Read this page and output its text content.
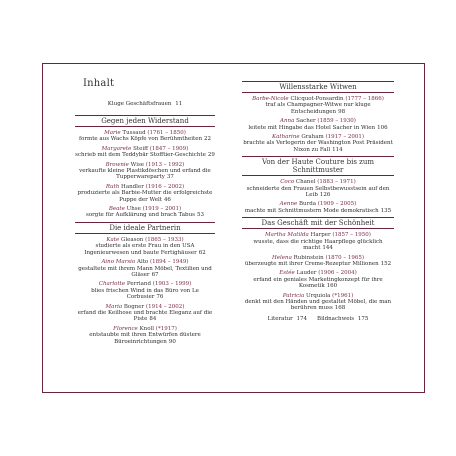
Inhalt
Kluge Geschäftsfrauen 11
Gegen jeden Widerstand
Marie Tussaud (1761 – 1850)
formte aus Wachs Köpfe von Berühmtheiten 22
Margarete Steiff (1847 – 1909)
schrieb mit dem Teddybär Stofftier-Geschichte 29
Brownie Wise (1913 – 1992)
verkaufte kleine Plastikdöschen und erfand die Tupperwareparty 37
Ruth Handler (1916 – 2002)
produzierte als Barbie-Mutter die erfolgreichste Puppe der Welt 46
Beate Uhse (1919 – 2001)
sorgte für Aufklärung und brach Tabus 53
Die ideale Partnerin
Kate Gleason (1865 – 1933)
studierte als erste Frau in den USA Ingenieurwesen und baute Fertighäuser 62
Aino Marsio Alto (1894 – 1949)
gestaltete mit ihrem Mann Möbel, Textilien und Gläser 67
Charlotte Perriand (1903 – 1999)
blies frischen Wind in das Büro von Le Corbusier 76
Maria Bogner (1914 – 2002)
erfand die Keilhose und brachte Eleganz auf die Piste 84
Florence Knoll (*1917)
entstaubte mit ihren Entwürfen düstere Büroeinrichtungen 90
Willensstarke Witwen
Barbe-Nicole Clicquot-Ponsardin (1777 – 1866)
traf als Champagner-Witwe nur kluge Entscheidungen 98
Anna Sacher (1859 – 1930)
leitete mit Hingabe das Hotel Sacher in Wien 106
Katharine Graham (1917 – 2001)
brachte als Verlegerin der Washington Post Präsident Nixon zu Fall 114
Von der Haute Couture bis zum Schnittmuster
Coco Chanel (1883 – 1971)
schneiderte den Frauen Selbstbewusstsein auf den Leib 126
Aenne Burda (1909 – 2005)
machte mit Schnittmustern Mode demokratisch 135
Das Geschäft mit der Schönheit
Martha Matilda Harper (1857 – 1950)
wusste, dass die richtige Haarpflege glücklich macht 144
Helena Rubinstein (1870 – 1965)
überzeugte mit ihrer Creme-Rezeptur Millionen 152
Estée Lauder (1906 – 2004)
erfand ein geniales Marketingkonzept für ihre Kosmetik 160
Patricia Urquiola (*1961)
denkt mit den Händen und gestaltet Möbel, die man berühren muss 168
Literatur 174 Bildnachweis 175
